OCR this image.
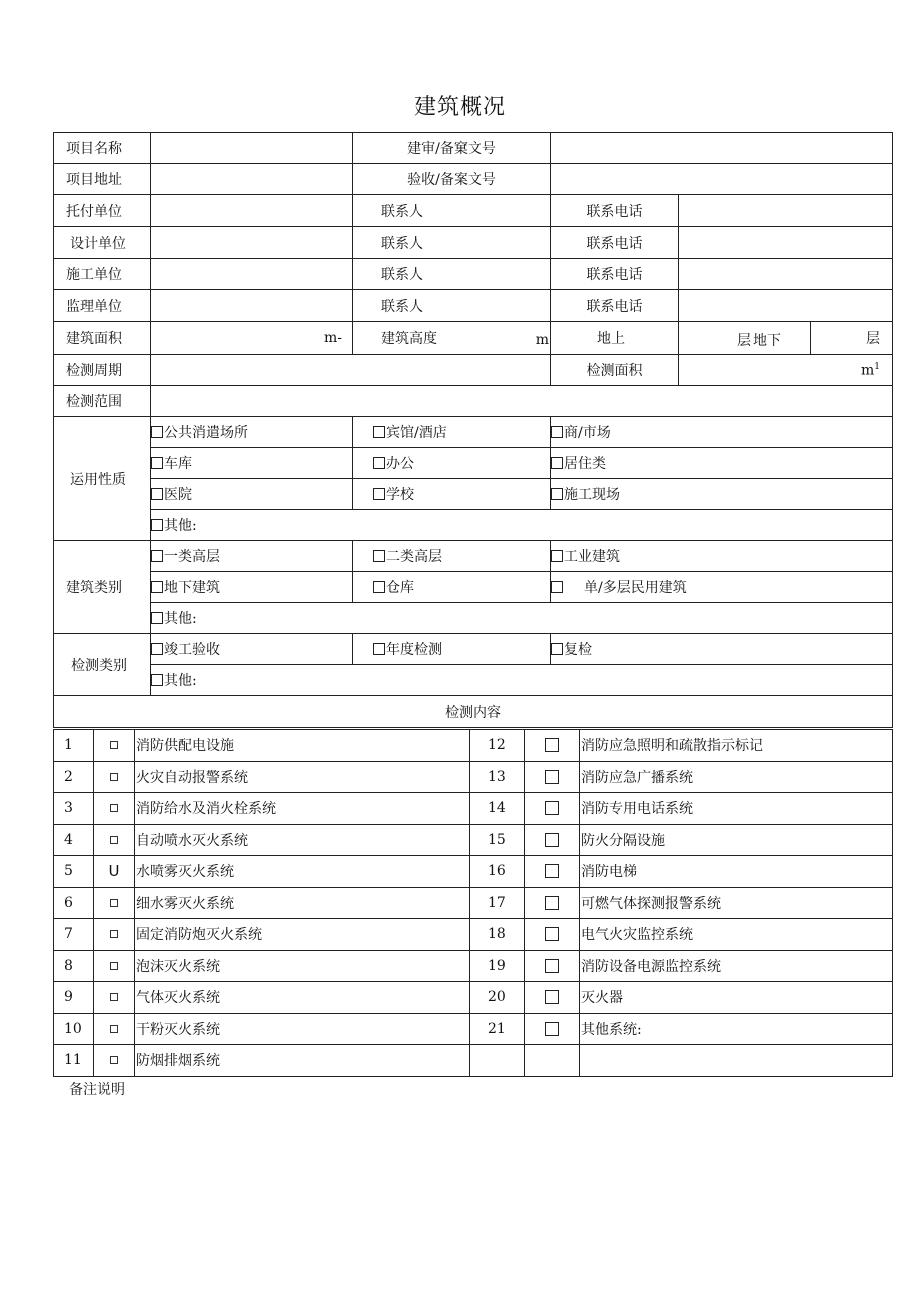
建筑概况
项目名称		建审/备窠文号			
项目地址		验收/备案文号			
托付单位		联系人	联系电话		
设计单位		联系人	联系电话		
施工单位		联系人	联系电话		
监理单位		联系人	联系电话		
建筑面积	m-	建筑高度 m	地上	层 地下	层
检测周期			检测面积	$m^1$
检测范围					
运用性质	公共消遣场所	宾馆/酒店	商/市场		
	车库	办公	居住类		
	医院	学校	施工现场		
	其他:				
建筑类别	一类高层	二类高层	工业建筑		
	地下建筑	仓库	单/多层民用建筑		
	其他:				
检测类别	竣工验收	年度检测	复检		
	其他:				
检测内容					
1		消防供配电设施	12		消防应急照明和疏散指示标记
2		火灾自动报警系统	13		消防应急广播系统
3		消防给水及消火栓系统	14		消防专用电话系统
4		自动喷水灭火系统	15		防火分隔设施
5	U	水喷雾灭火系统	16		消防电梯
6		细水雾灭火系统	17		可燃气体探测报警系统
7		固定消防炮灭火系统	18		电气火灾监控系统
8		泡沫灭火系统	19		消防设备电源监控系统
9		气体灭火系统	20		灭火器
10		干粉灭火系统	21		其他系统:
11		防烟排烟系统			
备注说明
